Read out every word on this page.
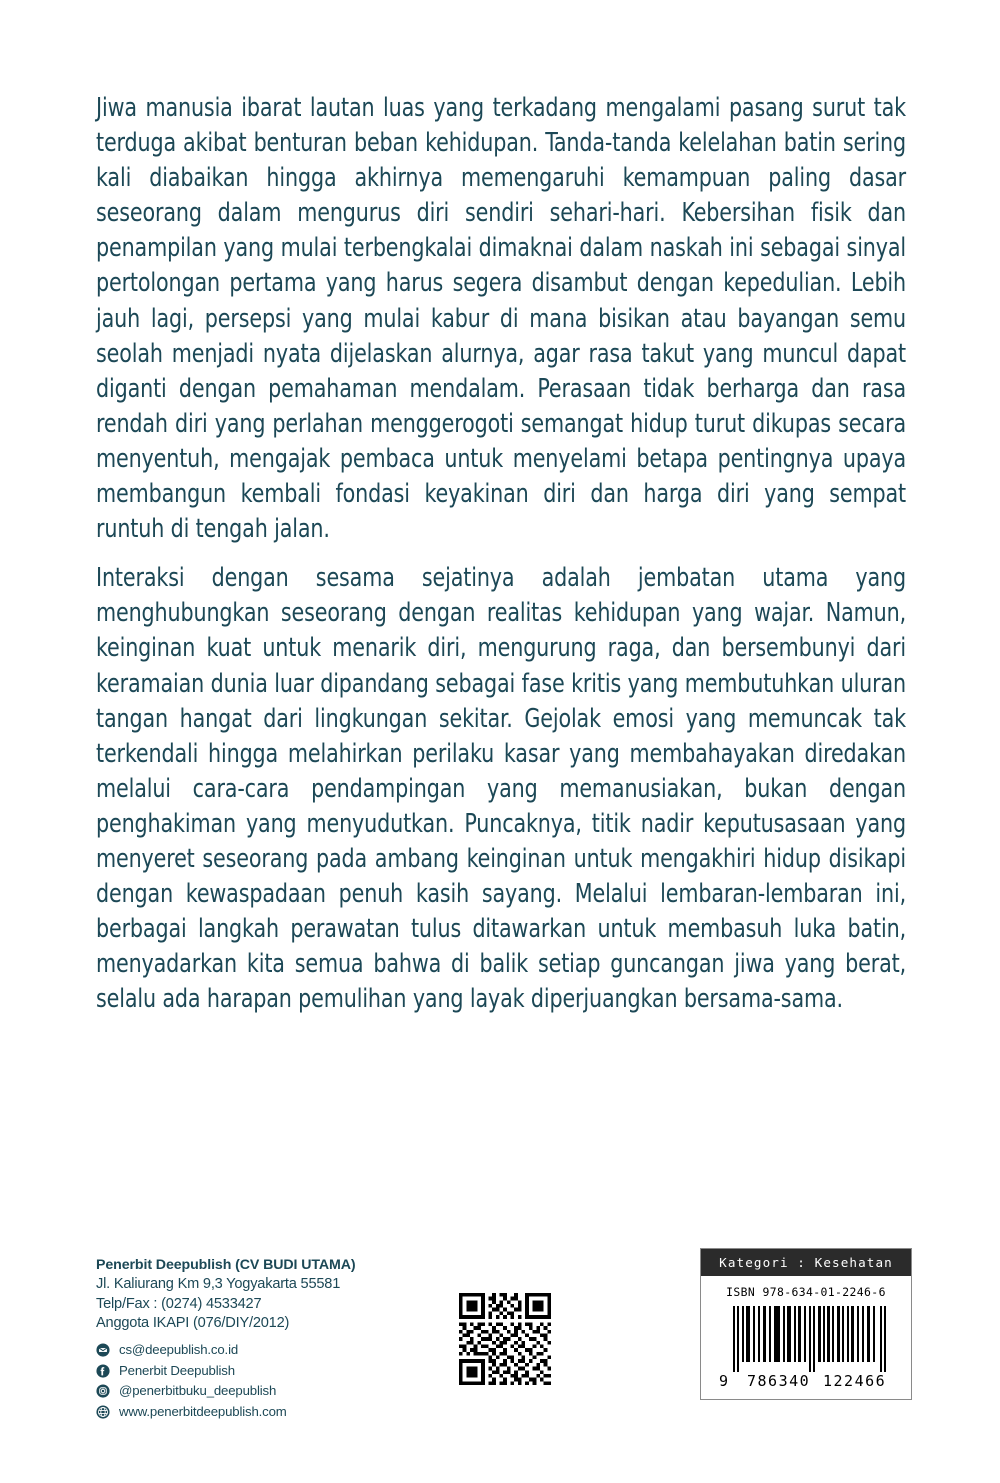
Jiwa manusia ibarat lautan luas yang terkadang mengalami pasang surut tak terduga akibat benturan beban kehidupan. Tanda-tanda kelelahan batin sering kali diabaikan hingga akhirnya memengaruhi kemampuan paling dasar seseorang dalam mengurus diri sendiri sehari-hari. Kebersihan fisik dan penampilan yang mulai terbengkalai dimaknai dalam naskah ini sebagai sinyal pertolongan pertama yang harus segera disambut dengan kepedulian. Lebih jauh lagi, persepsi yang mulai kabur di mana bisikan atau bayangan semu seolah menjadi nyata dijelaskan alurnya, agar rasa takut yang muncul dapat diganti dengan pemahaman mendalam. Perasaan tidak berharga dan rasa rendah diri yang perlahan menggerogoti semangat hidup turut dikupas secara menyentuh, mengajak pembaca untuk menyelami betapa pentingnya upaya membangun kembali fondasi keyakinan diri dan harga diri yang sempat runtuh di tengah jalan.

Interaksi dengan sesama sejatinya adalah jembatan utama yang menghubungkan seseorang dengan realitas kehidupan yang wajar. Namun, keinginan kuat untuk menarik diri, mengurung raga, dan bersembunyi dari keramaian dunia luar dipandang sebagai fase kritis yang membutuhkan uluran tangan hangat dari lingkungan sekitar. Gejolak emosi yang memuncak tak terkendali hingga melahirkan perilaku kasar yang membahayakan diredakan melalui cara-cara pendampingan yang memanusiakan, bukan dengan penghakiman yang menyudutkan. Puncaknya, titik nadir keputusasaan yang menyeret seseorang pada ambang keinginan untuk mengakhiri hidup disikapi dengan kewaspadaan penuh kasih sayang. Melalui lembaran-lembaran ini, berbagai langkah perawatan tulus ditawarkan untuk membasuh luka batin, menyadarkan kita semua bahwa di balik setiap guncangan jiwa yang berat, selalu ada harapan pemulihan yang layak diperjuangkan bersama-sama.

Penerbit Deepublish (CV BUDI UTAMA)
Jl. Kaliurang Km 9,3 Yogyakarta 55581
Telp/Fax : (0274) 4533427
Anggota IKAPI (076/DIY/2012)
cs@deepublish.co.id
Penerbit Deepublish
@penerbitbuku_deepublish
www.penerbitdeepublish.com
Kategori : Kesehatan
ISBN 978-634-01-2246-6
9 786340 122466
